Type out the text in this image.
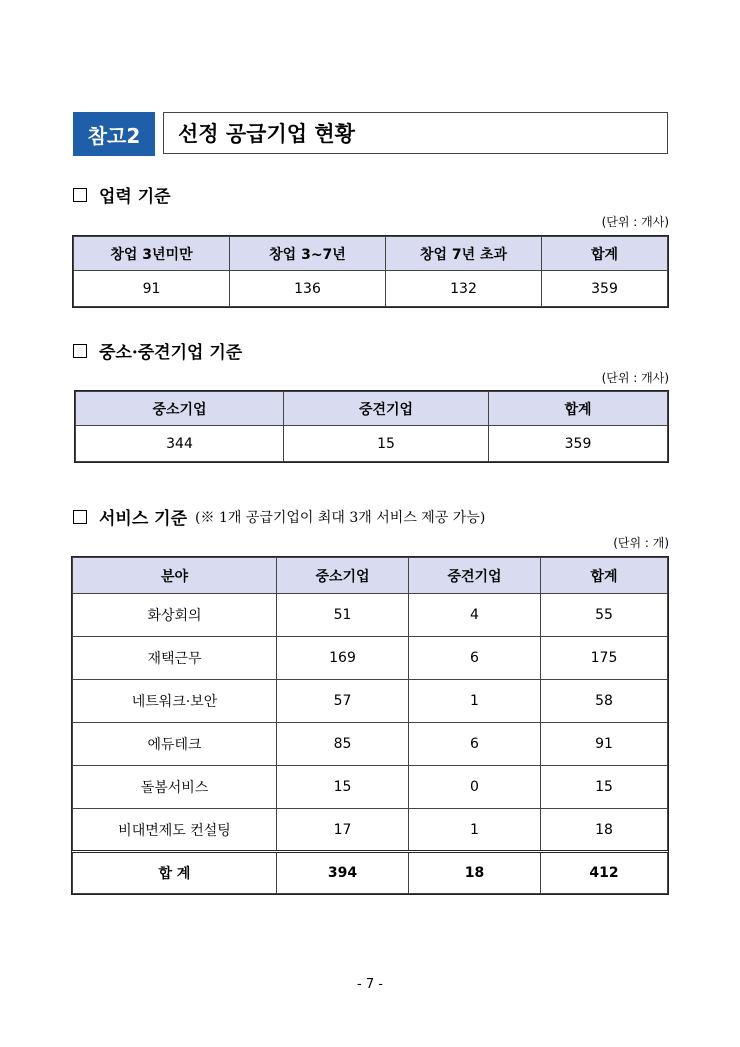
참고2	선정 공급기업 현황
업력 기준
(단위 : 개사)
창업 3년미만	창업 3~7년	창업 7년 초과	합계
91	136	132	359
중소·중견기업 기준
(단위 : 개사)
중소기업	중견기업	합계
344	15	359
서비스 기준 (※ 1개 공급기업이 최대 3개 서비스 제공 가능)
(단위 : 개)
분야	중소기업	중견기업	합계
화상회의	51	4	55
재택근무	169	6	175
네트워크·보안	57	1	58
에듀테크	85	6	91
돌봄서비스	15	0	15
비대면제도 컨설팅	17	1	18
합 계	394	18	412
- 7 -
